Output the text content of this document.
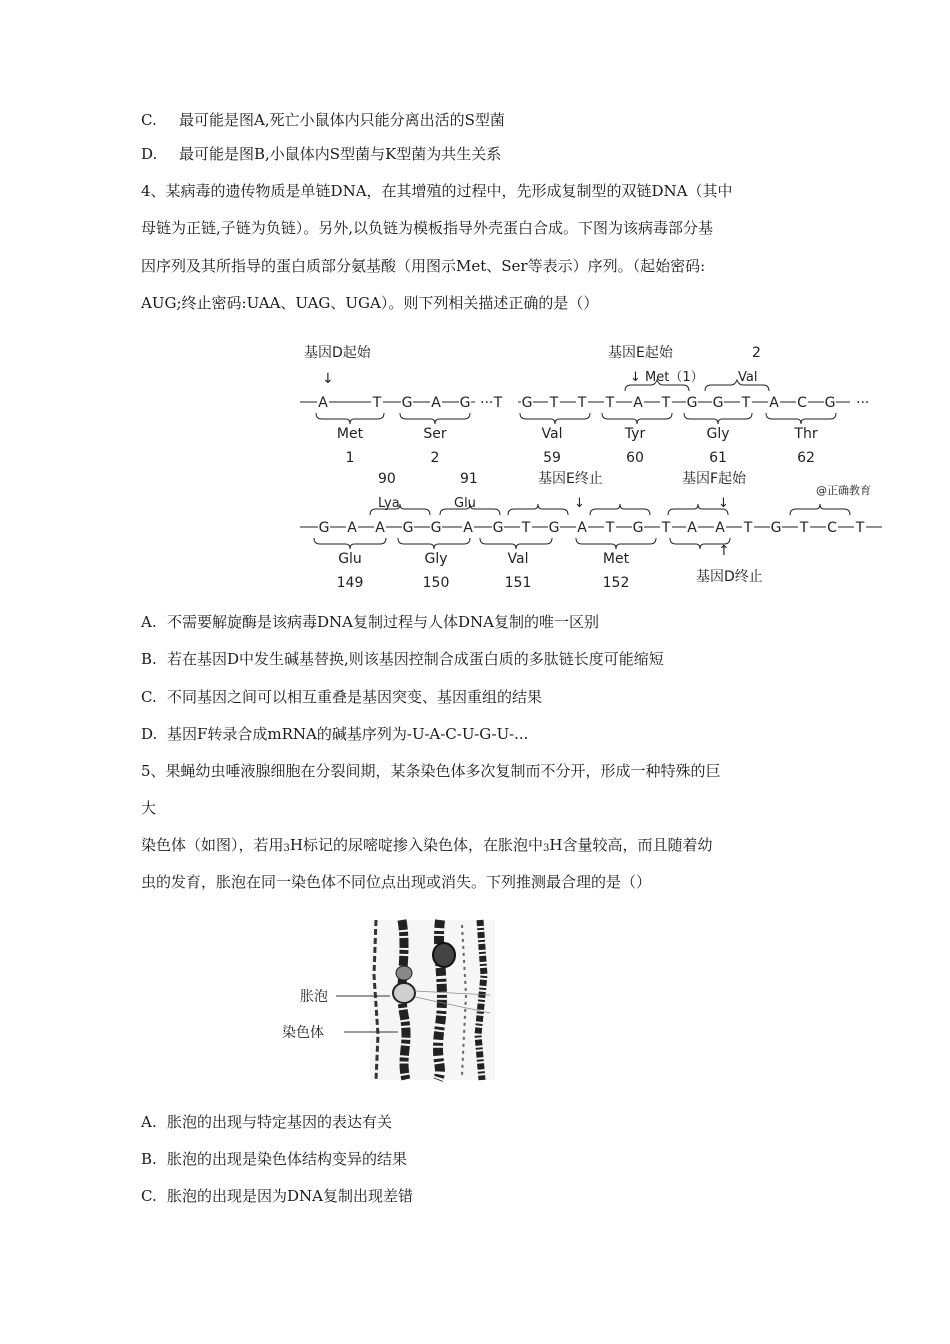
C. 最可能是图A,死亡小鼠体内只能分离出活的S型菌
D. 最可能是图B,小鼠体内S型菌与K型菌为共生关系
4、某病毒的遗传物质是单链DNA，在其增殖的过程中，先形成复制型的双链DNA（其中
母链为正链,子链为负链）。另外,以负链为模板指导外壳蛋白合成。下图为该病毒部分基
因序列及其所指导的蛋白质部分氨基酸（用图示Met、Ser等表示）序列。（起始密码:
AUG;终止密码:UAA、UAG、UGA）。则下列相关描述正确的是（）
基因D起始	基因E起始	2
↓	↓ Met（1）	Val
A	T G A G T G T T T A T G G T A C G
···	···
Met	Ser	Val	Tyr	Gly	Thr
1	2	59	60	61	62
90	91	基因E终止	基因F起始
@正确教育
↓	↓
Lya	Glu
G A A G G A G T G A T G T A A T G T C T
Glu	Gly	Val	Met
149	150	151	152
↑
基因D终止
A. 不需要解旋酶是该病毒DNA复制过程与人体DNA复制的唯一区别
B. 若在基因D中发生碱基替换,则该基因控制合成蛋白质的多肽链长度可能缩短
C. 不同基因之间可以相互重叠是基因突变、基因重组的结果
D. 基因F转录合成mRNA的碱基序列为-U-A-C-U-G-U-...
5、果蝇幼虫唾液腺细胞在分裂间期，某条染色体多次复制而不分开，形成一种特殊的巨
大
染色体（如图），若用3H标记的尿嘧啶掺入染色体，在胀泡中3H含量较高，而且随着幼
虫的发育，胀泡在同一染色体不同位点出现或消失。下列推测最合理的是（）
胀泡
染色体
A. 胀泡的出现与特定基因的表达有关
B. 胀泡的出现是染色体结构变异的结果
C. 胀泡的出现是因为DNA复制出现差错
